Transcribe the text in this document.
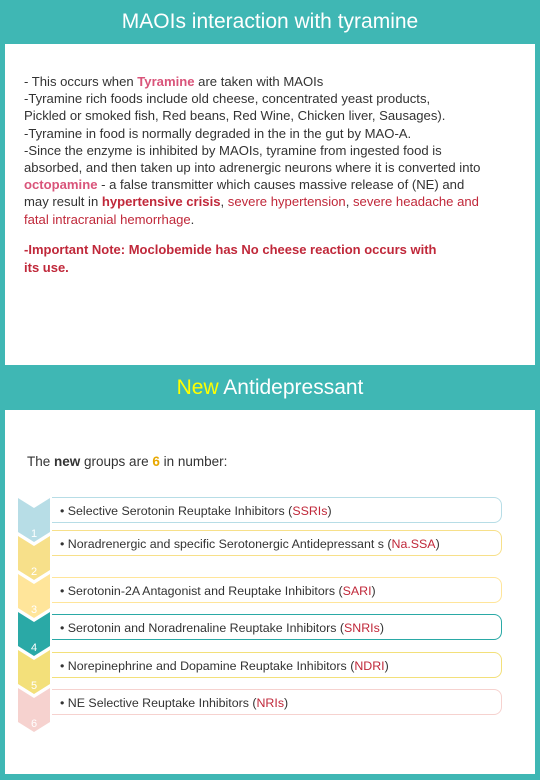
MAOIs interaction with tyramine
- This occurs when Tyramine are taken with MAOIs
-Tyramine rich foods include old cheese, concentrated yeast products,
Pickled or smoked fish, Red beans, Red Wine, Chicken liver, Sausages).
-Tyramine in food is normally degraded in the in the gut by MAO-A.
-Since the enzyme is inhibited by MAOIs, tyramine from ingested food is
absorbed, and then taken up into adrenergic neurons where it is converted into
octopamine - a false transmitter which causes massive release of (NE) and
may result in hypertensive crisis, severe hypertension, severe headache and
fatal intracranial hemorrhage.
-Important Note: Moclobemide has No cheese reaction occurs with
its use.
New Antidepressant
The new groups are 6 in number:
1
• Selective Serotonin Reuptake Inhibitors (SSRIs)
2
• Noradrenergic and specific Serotonergic Antidepressant s (Na.SSA)
3
• Serotonin-2A Antagonist and Reuptake Inhibitors (SARI)
4
• Serotonin and Noradrenaline Reuptake Inhibitors (SNRIs)
5
• Norepinephrine and Dopamine Reuptake Inhibitors (NDRI)
6
• NE Selective Reuptake Inhibitors (NRIs)
